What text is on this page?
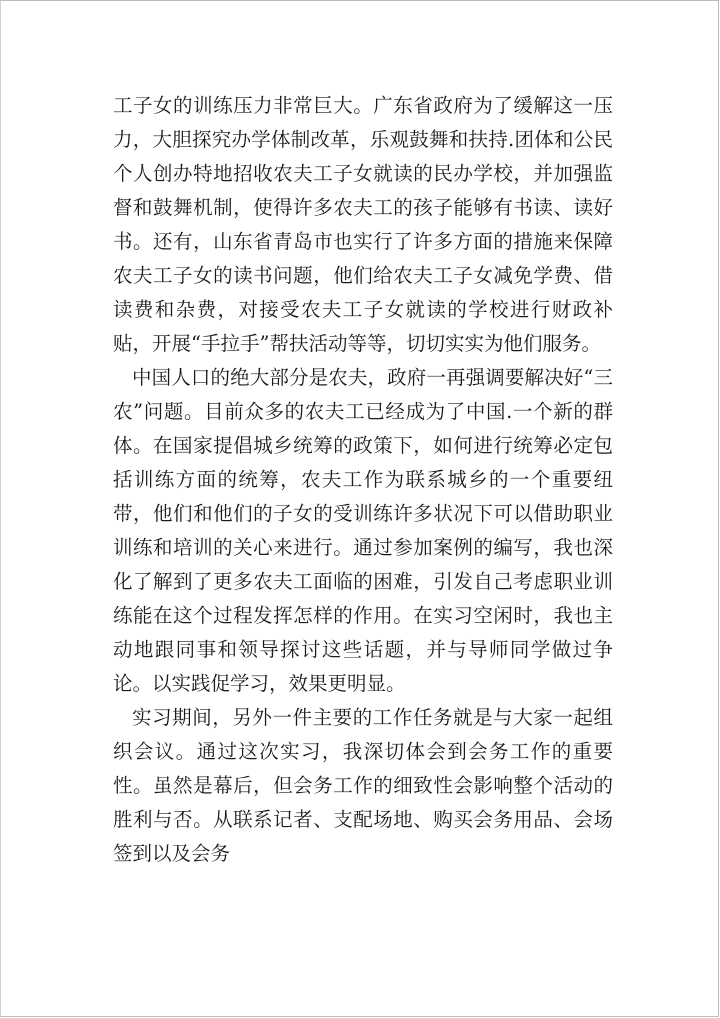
工子女的训练压力非常巨大。广东省政府为了缓解这一压力，大胆探究办学体制改革，乐观鼓舞和扶持.团体和公民个人创办特地招收农夫工子女就读的民办学校，并加强监督和鼓舞机制，使得许多农夫工的孩子能够有书读、读好书。还有，山东省青岛市也实行了许多方面的措施来保障农夫工子女的读书问题，他们给农夫工子女减免学费、借读费和杂费，对接受农夫工子女就读的学校进行财政补贴，开展“手拉手”帮扶活动等等，切切实实为他们服务。

中国人口的绝大部分是农夫，政府一再强调要解决好“三农”问题。目前众多的农夫工已经成为了中国.一个新的群体。在国家提倡城乡统筹的政策下，如何进行统筹必定包括训练方面的统筹，农夫工作为联系城乡的一个重要纽带，他们和他们的子女的受训练许多状况下可以借助职业训练和培训的关心来进行。通过参加案例的编写，我也深化了解到了更多农夫工面临的困难，引发自己考虑职业训练能在这个过程发挥怎样的作用。在实习空闲时，我也主动地跟同事和领导探讨这些话题，并与导师同学做过争论。以实践促学习，效果更明显。

实习期间，另外一件主要的工作任务就是与大家一起组织会议。通过这次实习，我深切体会到会务工作的重要性。虽然是幕后，但会务工作的细致性会影响整个活动的胜利与否。从联系记者、支配场地、购买会务用品、会场签到以及会务
